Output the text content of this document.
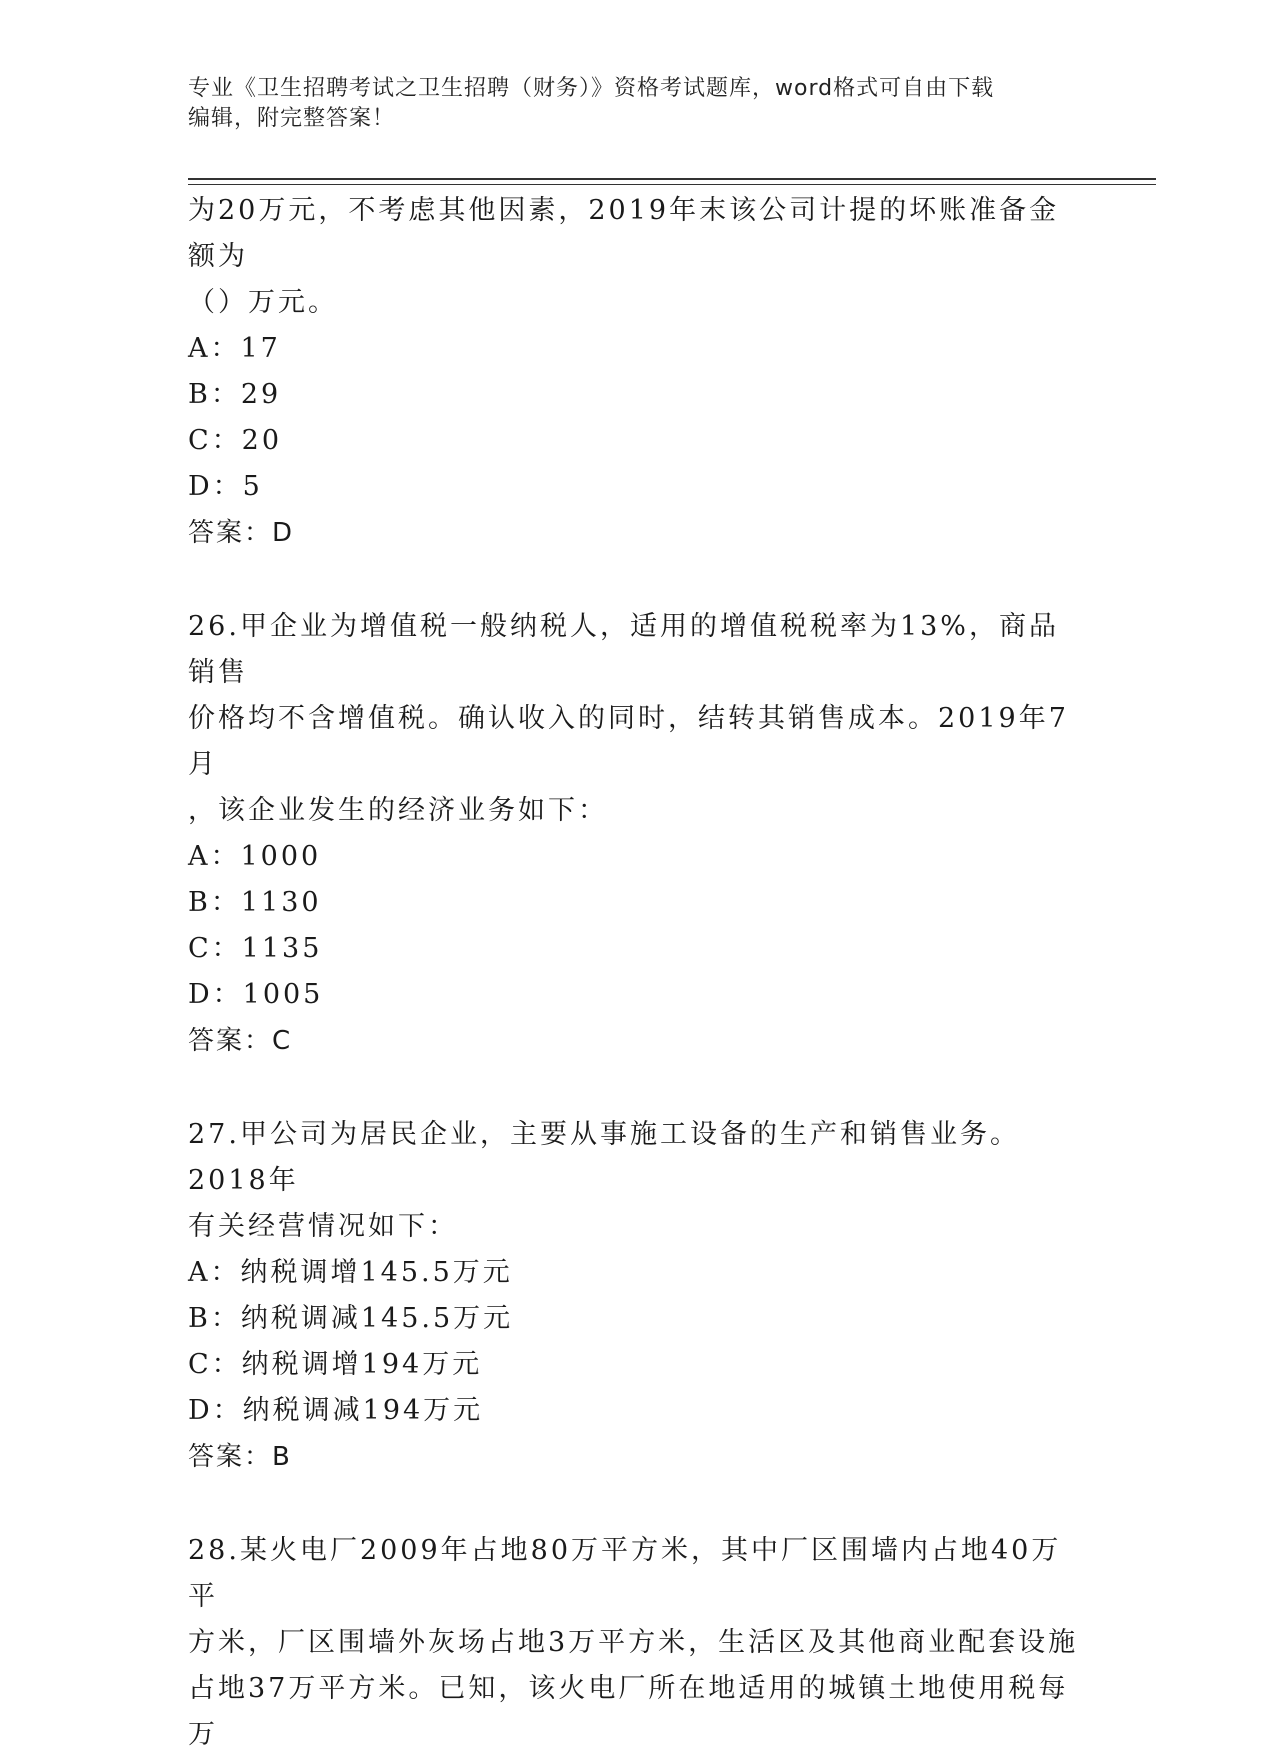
专业《卫生招聘考试之卫生招聘（财务）》资格考试题库，word格式可自由下载
编辑，附完整答案！

为20万元，不考虑其他因素，2019年末该公司计提的坏账准备金额为

（）万元。

A：17

B：29

C：20

D：5

答案：D

26.甲企业为增值税一般纳税人，适用的增值税税率为13%，商品销售

价格均不含增值税。确认收入的同时，结转其销售成本。2019年7月

，该企业发生的经济业务如下：

A：1000

B：1130

C：1135

D：1005

答案：C

27.甲公司为居民企业，主要从事施工设备的生产和销售业务。2018年

有关经营情况如下：

A：纳税调增145.5万元

B：纳税调减145.5万元

C：纳税调增194万元

D：纳税调减194万元

答案：B

28.某火电厂2009年占地80万平方米，其中厂区围墙内占地40万平

方米，厂区围墙外灰场占地3万平方米，生活区及其他商业配套设施

占地37万平方米。已知，该火电厂所在地适用的城镇土地使用税每万
